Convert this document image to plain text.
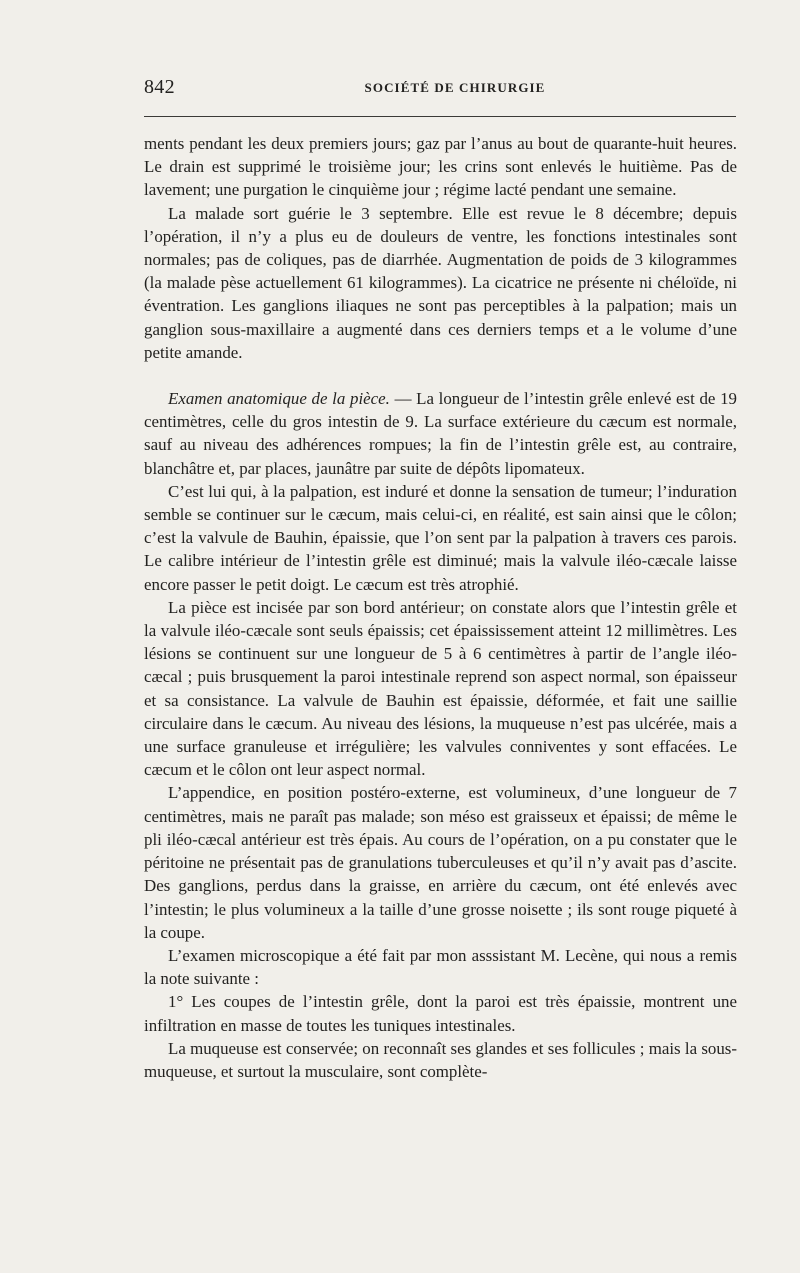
842	SOCIÉTÉ DE CHIRURGIE

ments pendant les deux premiers jours; gaz par l’anus au bout de quarante-huit heures. Le drain est supprimé le troisième jour; les crins sont enlevés le huitième. Pas de lavement; une purgation le cinquième jour ; régime lacté pendant une semaine.

La malade sort guérie le 3 septembre. Elle est revue le 8 décembre; depuis l’opération, il n’y a plus eu de douleurs de ventre, les fonctions intestinales sont normales; pas de coliques, pas de diarrhée. Augmentation de poids de 3 kilogrammes (la malade pèse actuellement 61 kilogrammes). La cicatrice ne présente ni chéloïde, ni éventration. Les ganglions iliaques ne sont pas perceptibles à la palpation; mais un ganglion sous-maxillaire a augmenté dans ces derniers temps et a le volume d’une petite amande.

Examen anatomique de la pièce. — La longueur de l’intestin grêle enlevé est de 19 centimètres, celle du gros intestin de 9. La surface extérieure du cæcum est normale, sauf au niveau des adhérences rompues; la fin de l’intestin grêle est, au contraire, blanchâtre et, par places, jaunâtre par suite de dépôts lipomateux.

C’est lui qui, à la palpation, est induré et donne la sensation de tumeur; l’induration semble se continuer sur le cæcum, mais celui-ci, en réalité, est sain ainsi que le côlon; c’est la valvule de Bauhin, épaissie, que l’on sent par la palpation à travers ces parois. Le calibre intérieur de l’intestin grêle est diminué; mais la valvule iléo-cæcale laisse encore passer le petit doigt. Le cæcum est très atrophié.

La pièce est incisée par son bord antérieur; on constate alors que l’intestin grêle et la valvule iléo-cæcale sont seuls épaissis; cet épaississement atteint 12 millimètres. Les lésions se continuent sur une longueur de 5 à 6 centimètres à partir de l’angle iléo-cæcal ; puis brusquement la paroi intestinale reprend son aspect normal, son épaisseur et sa consistance. La valvule de Bauhin est épaissie, déformée, et fait une saillie circulaire dans le cæcum. Au niveau des lésions, la muqueuse n’est pas ulcérée, mais a une surface granuleuse et irrégulière; les valvules conniventes y sont effacées. Le cæcum et le côlon ont leur aspect normal.

L’appendice, en position postéro-externe, est volumineux, d’une longueur de 7 centimètres, mais ne paraît pas malade; son méso est graisseux et épaissi; de même le pli iléo-cæcal antérieur est très épais. Au cours de l’opération, on a pu constater que le péritoine ne présentait pas de granulations tuberculeuses et qu’il n’y avait pas d’ascite. Des ganglions, perdus dans la graisse, en arrière du cæcum, ont été enlevés avec l’intestin; le plus volumineux a la taille d’une grosse noisette ; ils sont rouge piqueté à la coupe.

L’examen microscopique a été fait par mon asssistant M. Lecène, qui nous a remis la note suivante :

1° Les coupes de l’intestin grêle, dont la paroi est très épaissie, montrent une infiltration en masse de toutes les tuniques intestinales.

La muqueuse est conservée; on reconnaît ses glandes et ses follicules ; mais la sous-muqueuse, et surtout la musculaire, sont complète-
